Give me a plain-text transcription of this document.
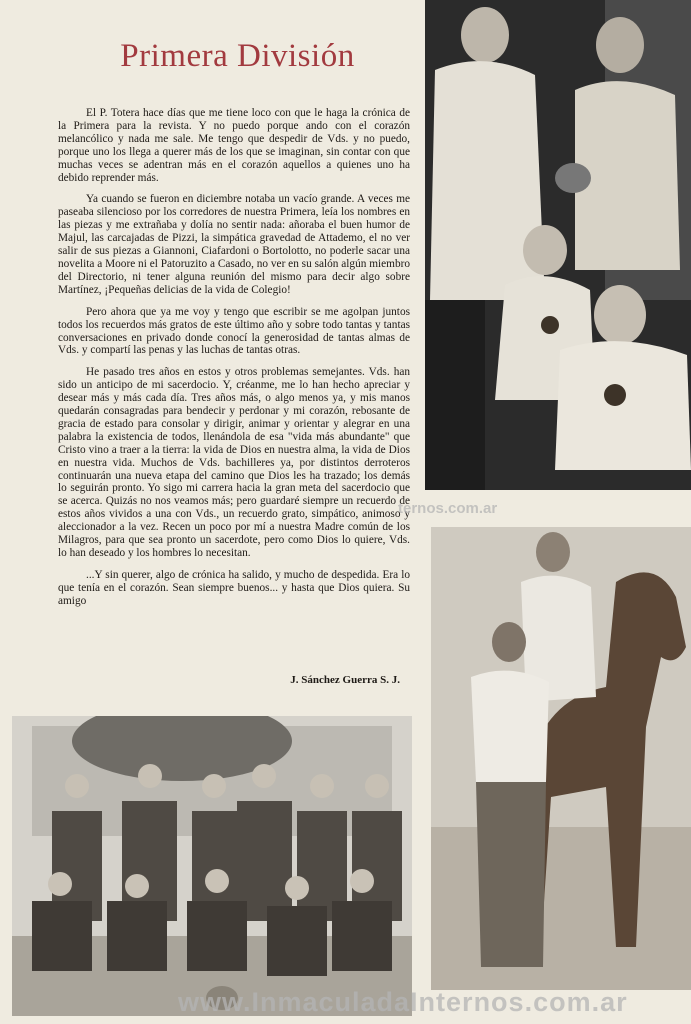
Primera División

El P. Totera hace días que me tiene loco con que le haga la crónica de la Primera para la revista. Y no puedo porque ando con el corazón melancólico y nada me sale. Me tengo que despedir de Vds. y no puedo, porque uno los llega a querer más de los que se imaginan, sin contar con que muchas veces se adentran más en el corazón aquellos a quienes uno ha debido reprender más.

Ya cuando se fueron en diciembre notaba un vacío grande. A veces me paseaba silencioso por los corredores de nuestra Primera, leía los nombres en las piezas y me extrañaba y dolía no sentir nada: añoraba el buen humor de Majul, las carcajadas de Pizzi, la simpática gravedad de Attademo, el no ver salir de sus piezas a Giannoni, Ciafardoni o Bortolotto, no poderle sacar una novelita a Moore ni el Patoruzito a Casado, no ver en su salón algún miembro del Directorio, ni tener alguna reunión del mismo para decir algo sobre Martínez, ¡Pequeñas delicias de la vida de Colegio!

Pero ahora que ya me voy y tengo que escribir se me agolpan juntos todos los recuerdos más gratos de este último año y sobre todo tantas y tantas conversaciones en privado donde conocí la generosidad de tantas almas de Vds. y compartí las penas y las luchas de tantas otras.

He pasado tres años en estos y otros problemas semejantes. Vds. han sido un anticipo de mi sacerdocio. Y, créanme, me lo han hecho apreciar y desear más y más cada día. Tres años más, o algo menos ya, y mis manos quedarán consagradas para bendecir y perdonar y mi corazón, rebosante de gracia de estado para consolar y dirigir, animar y orientar y alegrar en una palabra la existencia de todos, llenándola de esa "vida más abundante" que Cristo vino a traer a la tierra: la vida de Dios en nuestra alma, la vida de Dios en nuestra vida. Muchos de Vds. bachilleres ya, por distintos derroteros continuarán una nueva etapa del camino que Dios les ha trazado; los demás lo seguirán pronto. Yo sigo mi carrera hacia la gran meta del sacerdocio que se acerca. Quizás no nos veamos más; pero guardaré siempre un recuerdo de estos años vividos a una con Vds., un recuerdo grato, simpático, animoso y aleccionador a la vez. Recen un poco por mí a nuestra Madre común de los Milagros, para que sea pronto un sacerdote, pero como Dios lo quiere, Vds. lo han deseado y los hombres lo necesitan.

...Y sin querer, algo de crónica ha salido, y mucho de despedida. Era lo que tenía en el corazón. Sean siempre buenos... y hasta que Dios quiera. Su amigo

J. Sánchez Guerra S. J.
ternos.com.ar
www.InmaculadaInternos.com.ar
